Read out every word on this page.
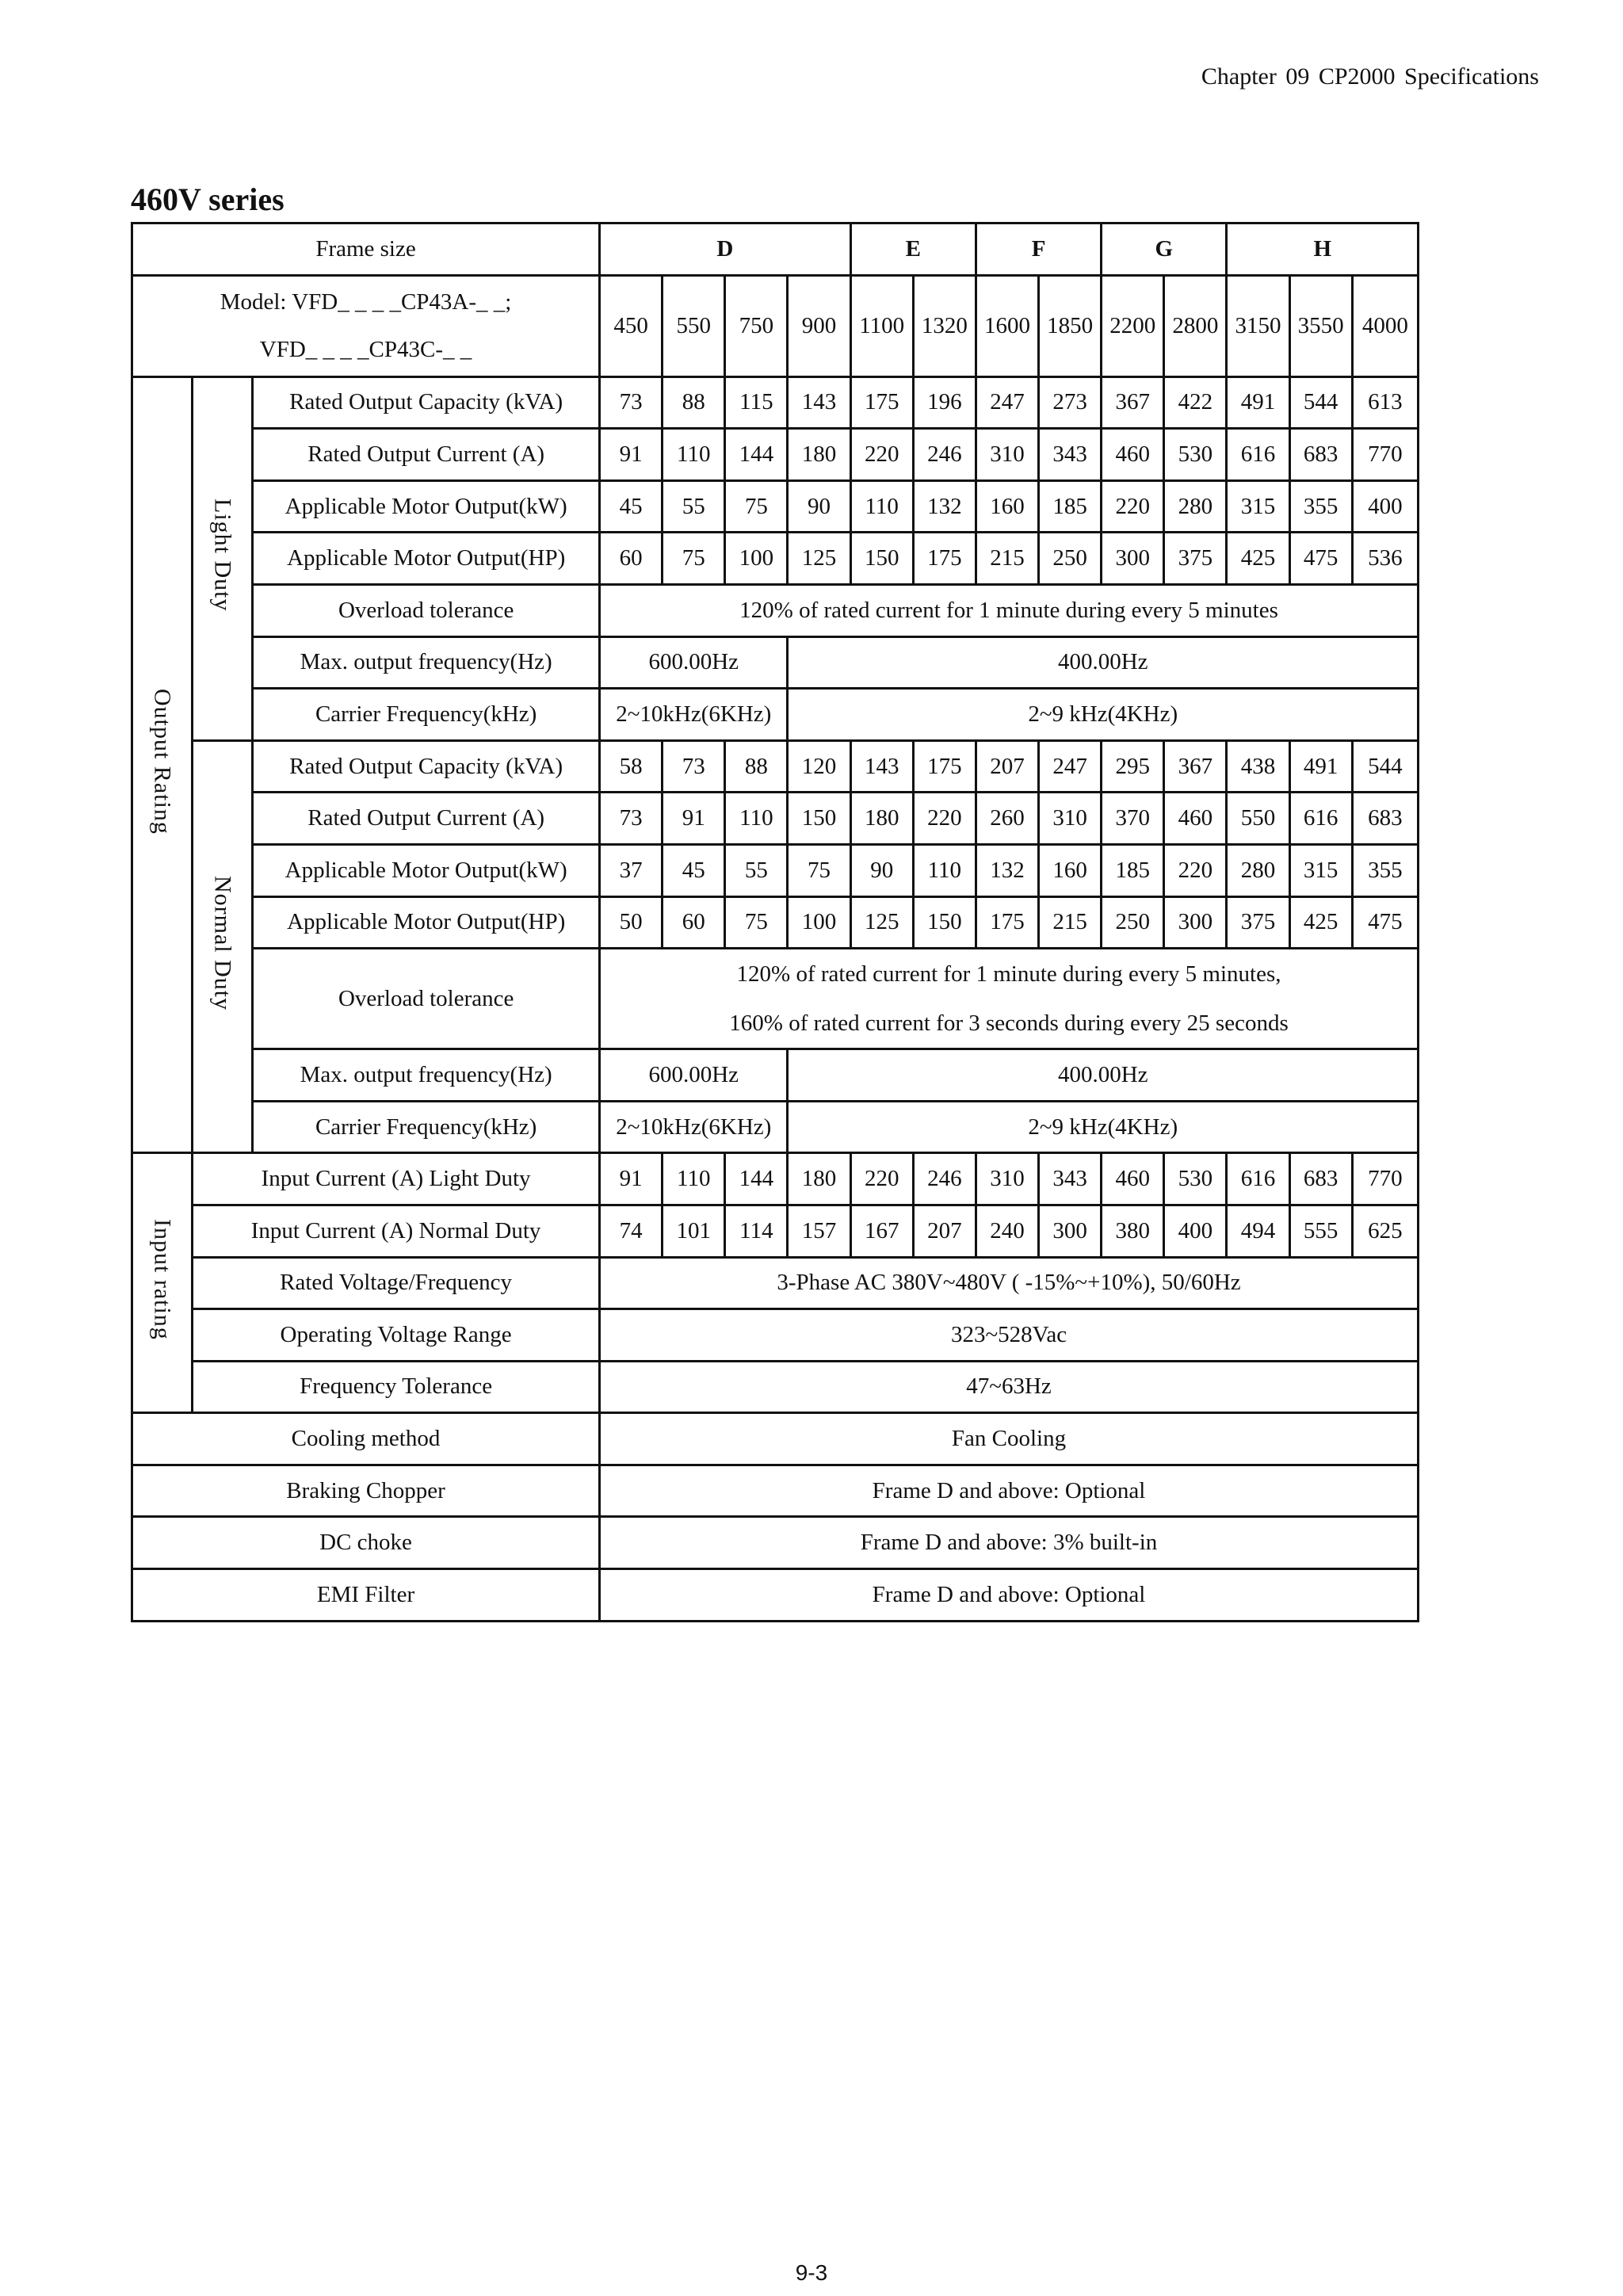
Chapter 09 CP2000 Specifications
460V series
Frame size			D				E		F		G		H		

Model: VFD_ _ _ _CP43A-_ _;
VFD_ _ _ _CP43C-_ _			450	550	750	900	1100	1320	1600	1850	2200	2800	3150	3550	4000
Output Rating	Light Duty	Rated Output Capacity (kVA)	73	88	115	143	175	196	247	273	367	422	491	544	613
		Rated Output Current (A)	91	110	144	180	220	246	310	343	460	530	616	683	770
		Applicable Motor Output(kW)	45	55	75	90	110	132	160	185	220	280	315	355	400
		Applicable Motor Output(HP)	60	75	100	125	150	175	215	250	300	375	425	475	536
		Overload tolerance	120% of rated current for 1 minute during every 5 minutes												
		Max. output frequency(Hz)	600.00Hz			400.00Hz									
		Carrier Frequency(kHz)	2~10kHz(6KHz)			2~9 kHz(4KHz)									
	Normal Duty	Rated Output Capacity (kVA)	58	73	88	120	143	175	207	247	295	367	438	491	544
		Rated Output Current (A)	73	91	110	150	180	220	260	310	370	460	550	616	683
		Applicable Motor Output(kW)	37	45	55	75	90	110	132	160	185	220	280	315	355
		Applicable Motor Output(HP)	50	60	75	100	125	150	175	215	250	300	375	425	475
		Overload tolerance	120% of rated current for 1 minute during every 5 minutes,
160% of rated current for 3 seconds during every 25 seconds												

		Max. output frequency(Hz)	600.00Hz			400.00Hz									
		Carrier Frequency(kHz)	2~10kHz(6KHz)			2~9 kHz(4KHz)									
Input rating	Input Current (A) Light Duty		91	110	144	180	220	246	310	343	460	530	616	683	770
	Input Current (A) Normal Duty		74	101	114	157	167	207	240	300	380	400	494	555	625
	Rated Voltage/Frequency		3-Phase AC 380V~480V ( -15%~+10%), 50/60Hz												
	Operating Voltage Range		323~528Vac												
	Frequency Tolerance		47~63Hz												
Cooling method			Fan Cooling												
Braking Chopper			Frame D and above: Optional												
DC choke			Frame D and above: 3% built-in												
EMI Filter			Frame D and above: Optional												
9-3
